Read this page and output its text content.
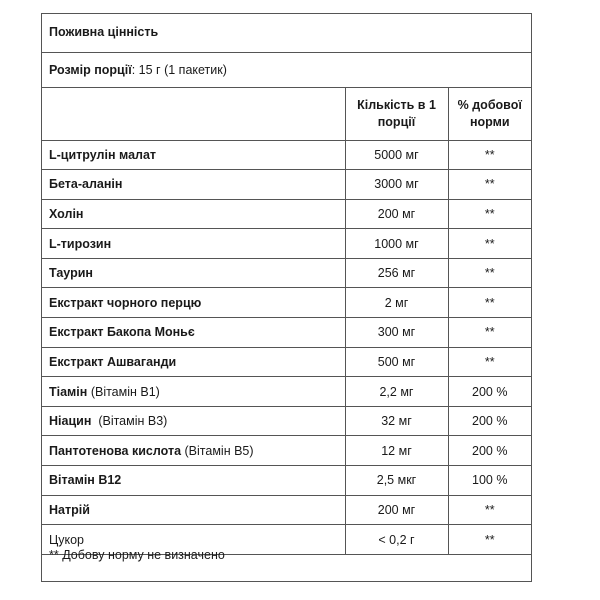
Поживна цінність
Розмір порції: 15 г (1 пакетик)
	Кількість в 1 порції	% добової норми

L-цитрулін малат	5000 мг	**

Бета-аланін	3000 мг	**

Холін	200 мг	**

L-тирозин	1000 мг	**

Таурин	256 мг	**

Екстракт чорного перцю	2 мг	**

Екстракт Бакопа Моньє	300 мг	**

Екстракт Ашваганди	500 мг	**

Тіамін (Вітамін B1)	2,2 мг	200 %

Ніацин  (Вітамін B3)	32 мг	200 %

Пантотенова кислота (Вітамін B5)	12 мг	200 %

Вітамін B12	2,5 мкг	100 %

Натрій	200 мг	**

Цукор	< 0,2 г	**
** Добову норму не визначено
